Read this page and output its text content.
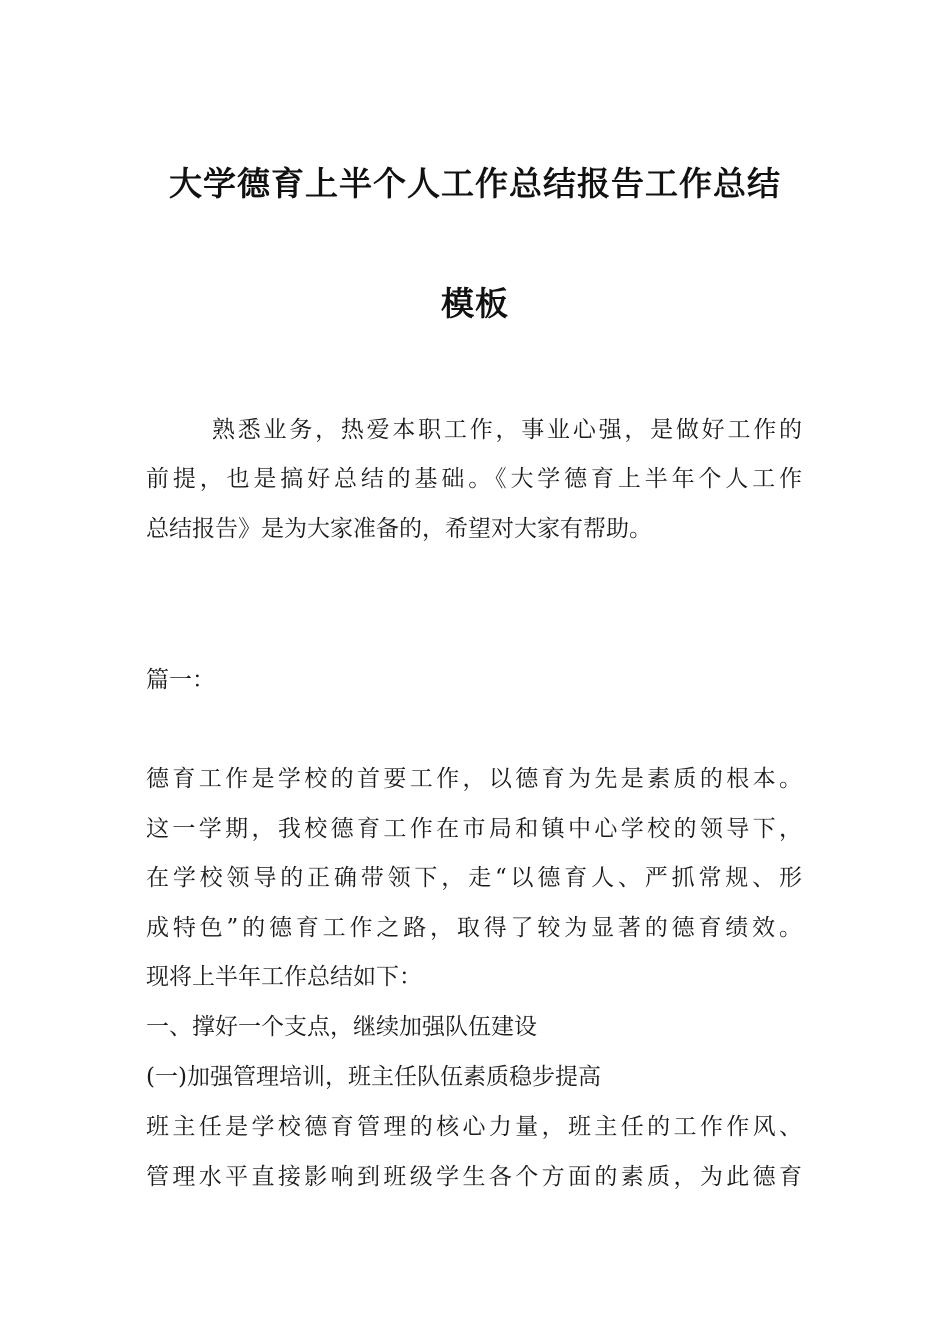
大学德育上半个人工作总结报告工作总结
模板
熟悉业务，热爱本职工作，事业心强，是做好工作的
前提，也是搞好总结的基础。《大学德育上半年个人工作
总结报告》是为大家准备的，希望对大家有帮助。
篇一：
德育工作是学校的首要工作，以德育为先是素质的根本。
这一学期，我校德育工作在市局和镇中心学校的领导下，
在学校领导的正确带领下，走“以德育人、严抓常规、形
成特色”的德育工作之路，取得了较为显著的德育绩效。
现将上半年工作总结如下：
一、撑好一个支点，继续加强队伍建设
(一)加强管理培训，班主任队伍素质稳步提高
班主任是学校德育管理的核心力量，班主任的工作作风、
管理水平直接影响到班级学生各个方面的素质，为此德育
